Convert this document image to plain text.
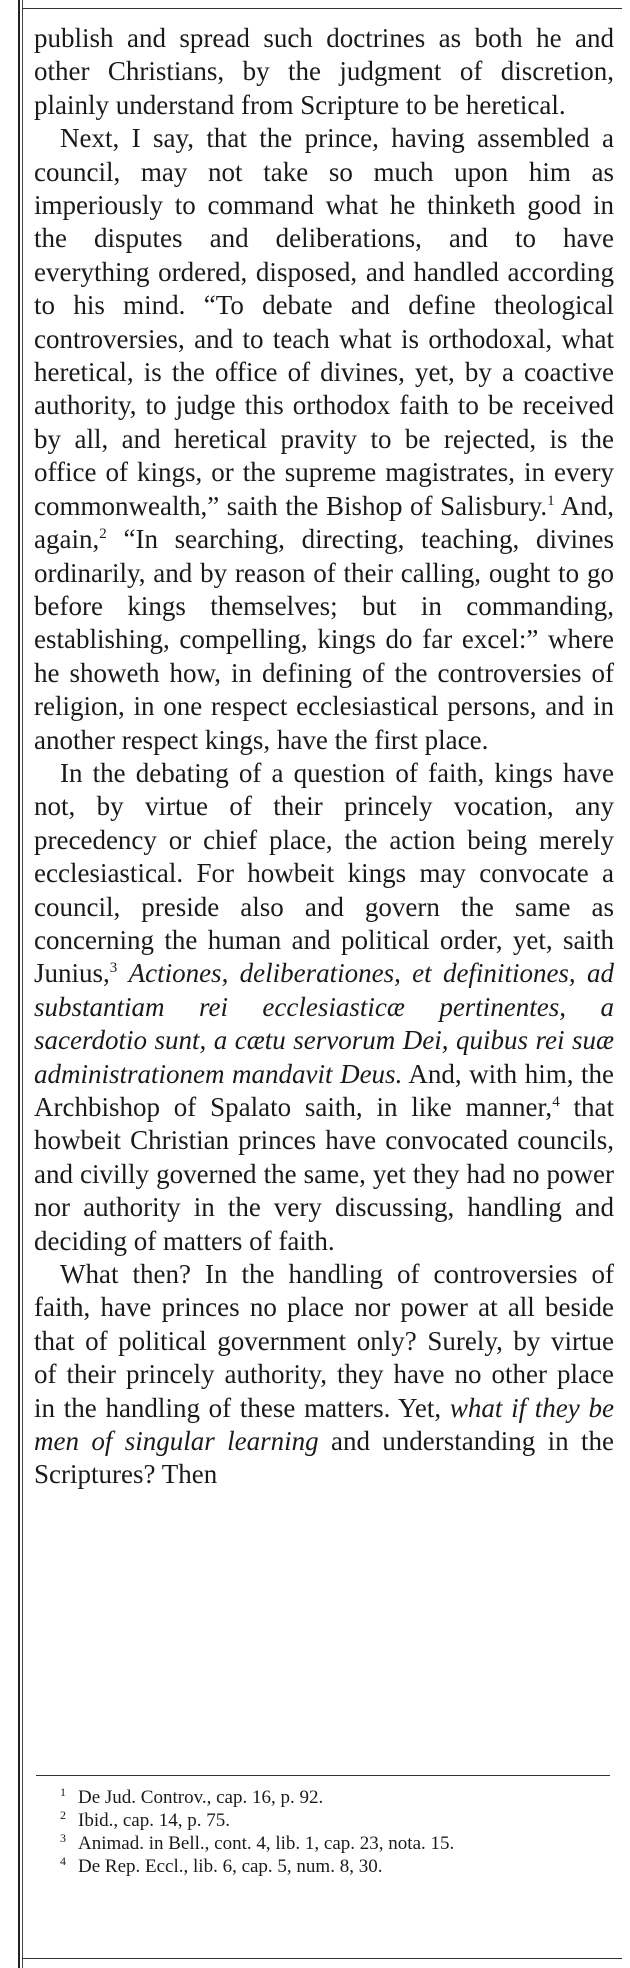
publish and spread such doctrines as both he and other Christians, by the judgment of discretion, plainly understand from Scripture to be heretical.

Next, I say, that the prince, having assembled a council, may not take so much upon him as imperiously to command what he thinketh good in the disputes and deliberations, and to have everything ordered, disposed, and handled according to his mind. “To debate and define theological controversies, and to teach what is orthodoxal, what heretical, is the office of divines, yet, by a coactive authority, to judge this orthodox faith to be received by all, and heretical pravity to be rejected, is the office of kings, or the supreme magistrates, in every commonwealth,” saith the Bishop of Salisbury.$^1$ And, again,$^2$ “In searching, directing, teaching, divines ordinarily, and by reason of their calling, ought to go before kings themselves; but in commanding, establishing, compelling, kings do far excel:” where he showeth how, in defining of the controversies of religion, in one respect ecclesiastical persons, and in another respect kings, have the first place.

In the debating of a question of faith, kings have not, by virtue of their princely vocation, any precedency or chief place, the action being merely ecclesiastical. For howbeit kings may convocate a council, preside also and govern the same as concerning the human and political order, yet, saith Junius,$^3$ Actiones, deliberationes, et definitiones, ad substantiam rei ecclesiasticæ pertinentes, a sacerdotio sunt, a cætu servorum Dei, quibus rei suæ administrationem mandavit Deus. And, with him, the Archbishop of Spalato saith, in like manner,$^4$ that howbeit Christian princes have convocated councils, and civilly governed the same, yet they had no power nor authority in the very discussing, handling and deciding of matters of faith.

What then? In the handling of controversies of faith, have princes no place nor power at all beside that of political government only? Surely, by virtue of their princely authority, they have no other place in the handling of these matters. Yet, what if they be men of singular learning and understanding in the Scriptures? Then

1 De Jud. Controv., cap. 16, p. 92.
2 Ibid., cap. 14, p. 75.
3 Animad. in Bell., cont. 4, lib. 1, cap. 23, nota. 15.
4 De Rep. Eccl., lib. 6, cap. 5, num. 8, 30.
